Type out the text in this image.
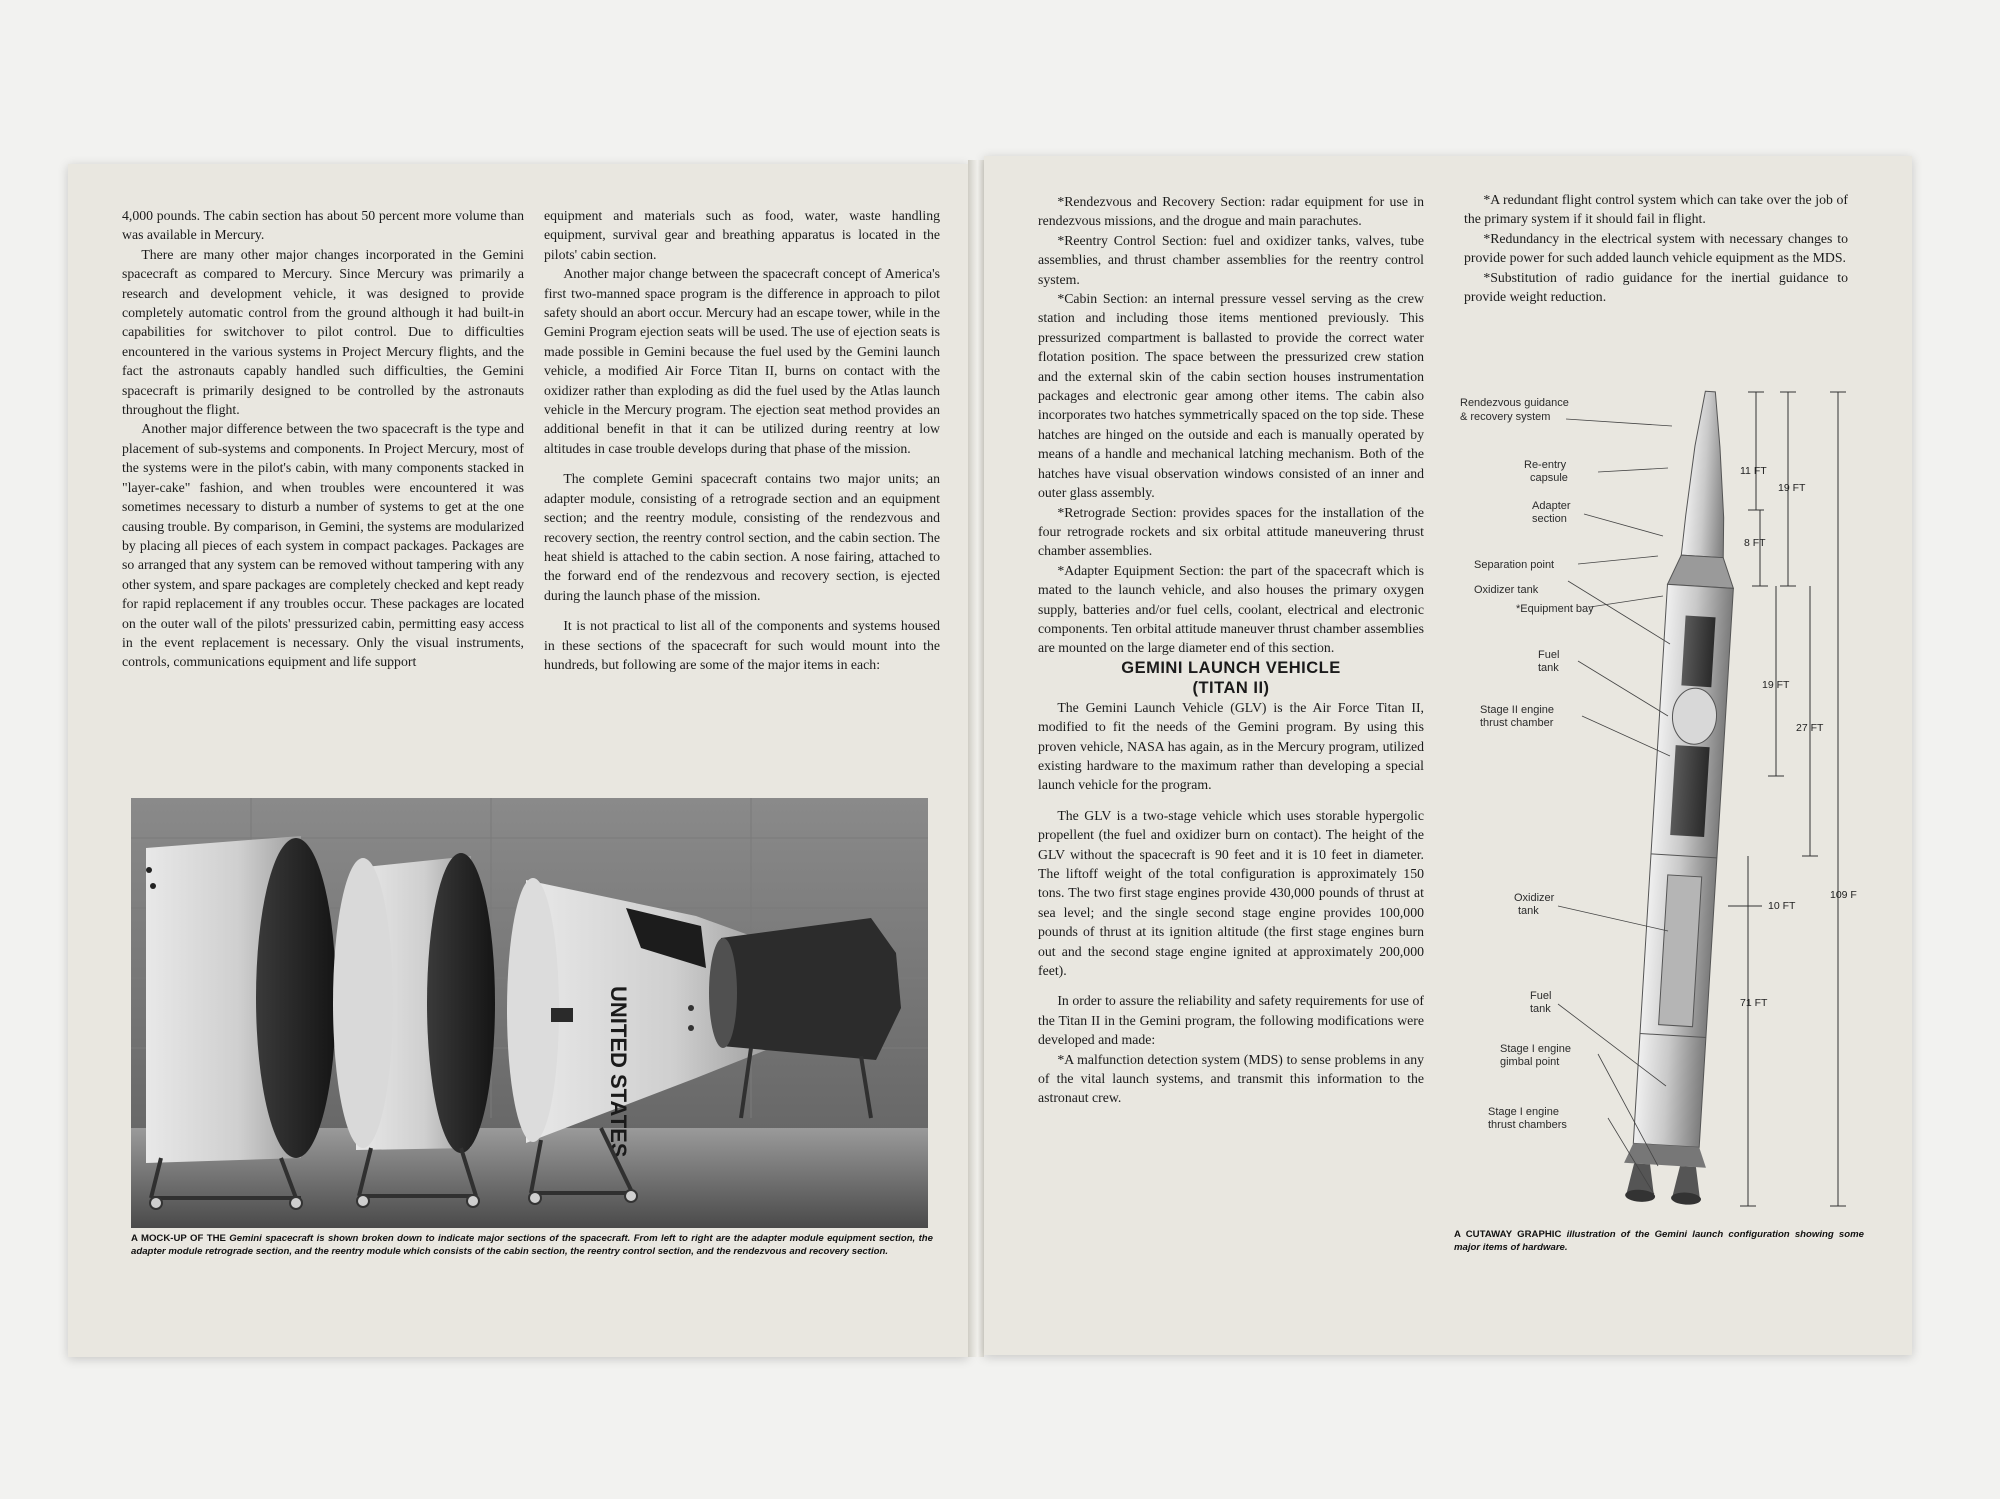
4,000 pounds. The cabin section has about 50 percent more volume than was available in Mercury.

There are many other major changes incorporated in the Gemini spacecraft as compared to Mercury. Since Mercury was primarily a research and development vehicle, it was designed to provide completely automatic control from the ground although it had built-in capabilities for switchover to pilot control. Due to difficulties encountered in the various systems in Project Mercury flights, and the fact the astronauts capably handled such difficulties, the Gemini spacecraft is primarily designed to be controlled by the astronauts throughout the flight.

Another major difference between the two spacecraft is the type and placement of sub-systems and components. In Project Mercury, most of the systems were in the pilot's cabin, with many components stacked in "layer-cake" fashion, and when troubles were encountered it was sometimes necessary to disturb a number of systems to get at the one causing trouble. By comparison, in Gemini, the systems are modularized by placing all pieces of each system in compact packages. Packages are so arranged that any system can be removed without tampering with any other system, and spare packages are completely checked and kept ready for rapid replacement if any troubles occur. These packages are located on the outer wall of the pilots' pressurized cabin, permitting easy access in the event replacement is necessary. Only the visual instruments, controls, communications equipment and life support

equipment and materials such as food, water, waste handling equipment, survival gear and breathing apparatus is located in the pilots' cabin section.

Another major change between the spacecraft concept of America's first two-manned space program is the difference in approach to pilot safety should an abort occur. Mercury had an escape tower, while in the Gemini Program ejection seats will be used. The use of ejection seats is made possible in Gemini because the fuel used by the Gemini launch vehicle, a modified Air Force Titan II, burns on contact with the oxidizer rather than exploding as did the fuel used by the Atlas launch vehicle in the Mercury program. The ejection seat method provides an additional benefit in that it can be utilized during reentry at low altitudes in case trouble develops during that phase of the mission.

The complete Gemini spacecraft contains two major units; an adapter module, consisting of a retrograde section and an equipment section; and the reentry module, consisting of the rendezvous and recovery section, the reentry control section, and the cabin section. The heat shield is attached to the cabin section. A nose fairing, attached to the forward end of the rendezvous and recovery section, is ejected during the launch phase of the mission.

It is not practical to list all of the components and systems housed in these sections of the spacecraft for such would mount into the hundreds, but following are some of the major items in each:

UNITED STATES

A MOCK-UP OF THE Gemini spacecraft is shown broken down to indicate major sections of the spacecraft. From left to right are the adapter module equipment section, the adapter module retrograde section, and the reentry module which consists of the cabin section, the reentry control section, and the rendezvous and recovery section.

*Rendezvous and Recovery Section: radar equipment for use in rendezvous missions, and the drogue and main parachutes.

*Reentry Control Section: fuel and oxidizer tanks, valves, tube assemblies, and thrust chamber assemblies for the reentry control system.

*Cabin Section: an internal pressure vessel serving as the crew station and including those items mentioned previously. This pressurized compartment is ballasted to provide the correct water flotation position. The space between the pressurized crew station and the external skin of the cabin section houses instrumentation packages and electronic gear among other items. The cabin also incorporates two hatches symmetrically spaced on the top side. These hatches are hinged on the outside and each is manually operated by means of a handle and mechanical latching mechanism. Both of the hatches have visual observation windows consisted of an inner and outer glass assembly.

*Retrograde Section: provides spaces for the installation of the four retrograde rockets and six orbital attitude maneuvering thrust chamber assemblies.

*Adapter Equipment Section: the part of the spacecraft which is mated to the launch vehicle, and also houses the primary oxygen supply, batteries and/or fuel cells, coolant, electrical and electronic components. Ten orbital attitude maneuver thrust chamber assemblies are mounted on the large diameter end of this section.

GEMINI LAUNCH VEHICLE
(TITAN II)

The Gemini Launch Vehicle (GLV) is the Air Force Titan II, modified to fit the needs of the Gemini program. By using this proven vehicle, NASA has again, as in the Mercury program, utilized existing hardware to the maximum rather than developing a special launch vehicle for the program.

The GLV is a two-stage vehicle which uses storable hypergolic propellent (the fuel and oxidizer burn on contact). The height of the GLV without the spacecraft is 90 feet and it is 10 feet in diameter. The liftoff weight of the total configuration is approximately 150 tons. The two first stage engines provide 430,000 pounds of thrust at sea level; and the single second stage engine provides 100,000 pounds of thrust at its ignition altitude (the first stage engines burn out and the second stage engine ignited at approximately 200,000 feet).

In order to assure the reliability and safety requirements for use of the Titan II in the Gemini program, the following modifications were developed and made:

*A malfunction detection system (MDS) to sense problems in any of the vital launch systems, and transmit this information to the astronaut crew.

*A redundant flight control system which can take over the job of the primary system if it should fail in flight.

*Redundancy in the electrical system with necessary changes to provide power for such added launch vehicle equipment as the MDS.

*Substitution of radio guidance for the inertial guidance to provide weight reduction.

11 FT
19 FT
8 FT
19 FT
27 FT
10 FT
109 F
71 FT
Rendezvous guidance
& recovery system
Re-entry
capsule
Adapter
section
Separation point
Oxidizer tank
*Equipment bay
Fuel
tank
Stage II engine
thrust chamber
Oxidizer
tank
Fuel
tank
Stage I engine
gimbal point
Stage I engine
thrust chambers

A CUTAWAY GRAPHIC illustration of the Gemini launch configuration showing some major items of hardware.
